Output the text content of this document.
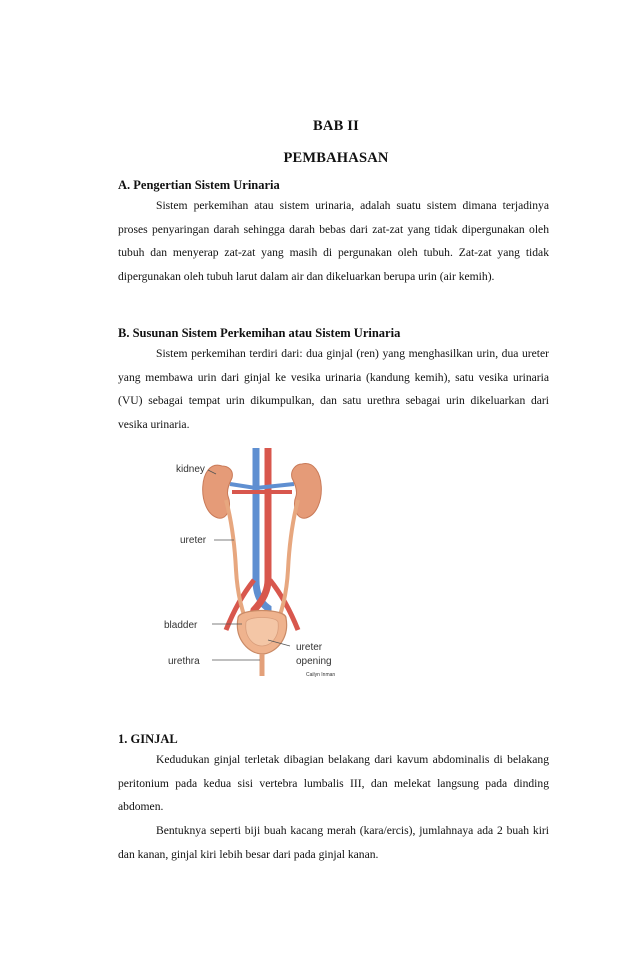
BAB II
PEMBAHASAN
A. Pengertian Sistem Urinaria
Sistem perkemihan atau sistem urinaria, adalah suatu sistem dimana terjadinya proses penyaringan darah sehingga darah bebas dari zat-zat yang tidak dipergunakan oleh tubuh dan menyerap zat-zat yang masih di pergunakan oleh tubuh. Zat-zat yang tidak dipergunakan oleh tubuh larut dalam air dan dikeluarkan berupa urin (air kemih).
B. Susunan Sistem Perkemihan atau Sistem Urinaria
Sistem perkemihan terdiri dari: dua ginjal (ren) yang menghasilkan urin, dua ureter yang membawa urin dari ginjal ke vesika urinaria (kandung kemih), satu vesika urinaria (VU) sebagai tempat urin dikumpulkan, dan satu urethra sebagai urin dikeluarkan dari vesika urinaria.
kidney
ureter
bladder
urethra
ureter
opening
Cailyn Inman
1. GINJAL
Kedudukan ginjal terletak dibagian belakang dari kavum abdominalis di belakang peritonium pada kedua sisi vertebra lumbalis III, dan melekat langsung pada dinding abdomen.
Bentuknya seperti biji buah kacang merah (kara/ercis), jumlahnaya ada 2 buah kiri dan kanan, ginjal kiri lebih besar dari pada ginjal kanan.
